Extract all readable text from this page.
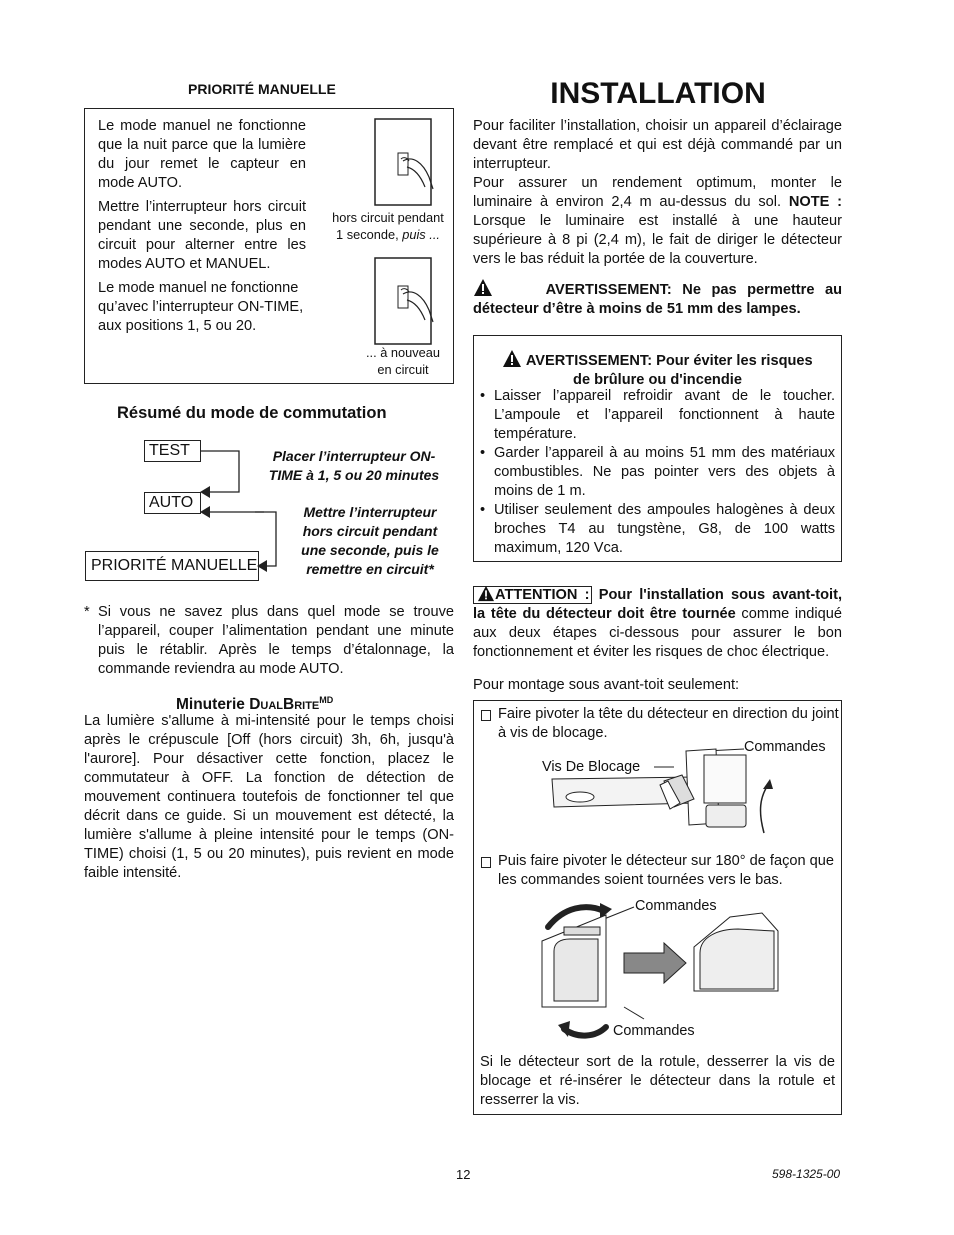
PRIORITÉ MANUELLE

Le mode manuel ne fonctionne que la nuit parce que la lumière du jour remet le capteur en mode AUTO.

Mettre l’interrupteur hors circuit pendant une seconde, plus en circuit pour alterner entre les modes AUTO et MANUEL.

Le mode manuel ne fonctionne qu’avec l’interrupteur ON-TIME, aux positions 1, 5 ou 20.

hors circuit pendant
1 seconde, puis ...
... à nouveau
en circuit
Résumé du mode de commutation
TEST
AUTO
PRIORITÉ MANUELLE
Placer l’interrupteur ON-TIME à 1, 5 ou 20 minutes
Mettre l’interrupteur hors circuit pendant une seconde, puis le remettre en circuit*
* Si vous ne savez plus dans quel mode se trouve l’appareil, couper l’alimentation pendant une minute puis le rétablir. Après le temps d’étalonnage, la commande reviendra au mode AUTO.
Minuterie DualBrite$^{MD}$
La lumière s'allume à mi-intensité pour le temps choisi après le crépuscule [Off (hors circuit) 3h, 6h, jusqu'à l'aurore]. Pour désactiver cette fonction, placez le commutateur à OFF. La fonction de détection de mouvement continuera toutefois de fonctionner tel que décrit dans ce guide. Si un mouvement est détecté, la lumière s'allume à pleine intensité pour le temps (ON-TIME) choisi (1, 5 ou 20 minutes), puis revient en mode faible intensité.
INSTALLATION
Pour faciliter l’installation, choisir un appareil d’éclairage devant être remplacé et qui est déjà commandé par un interrupteur.
Pour assurer un rendement optimum, monter le luminaire à environ 2,4 m au-dessus du sol. NOTE : Lorsque le luminaire est installé à une hauteur supérieure à 8 pi (2,4 m), le fait de diriger le détecteur vers le bas réduit la portée de la couverture.
AVERTISSEMENT: Ne pas permettre au détecteur d’être à moins de 51 mm des lampes.
AVERTISSEMENT: Pour éviter les risques
de brûlure ou d'incendie
• Laisser l’appareil refroidir avant de le toucher. L’ampoule et l’appareil fonctionnent à haute température.
• Garder l’appareil à au moins 51 mm des matériaux combustibles. Ne pas pointer vers des objets à moins de 1 m.
• Utiliser seulement des ampoules halogènes à deux broches T4 au tungstène, G8, de 100 watts maximum, 120 Vca.
ATTENTION : Pour l'installation sous avant-toit, la tête du détecteur doit être tournée comme indiqué aux deux étapes ci-dessous pour assurer le bon fonctionnement et éviter les risques de choc électrique.
Pour montage sous avant-toit seulement:
Faire pivoter la tête du détecteur en direction du joint à vis de blocage.
Commandes
Vis De Blocage
Puis faire pivoter le détecteur sur 180° de façon que les commandes soient tournées vers le bas.
Commandes
Commandes
Si le détecteur sort de la rotule, desserrer la vis de blocage et ré-insérer le détecteur dans la rotule et resserrer la vis.
12	598-1325-00
